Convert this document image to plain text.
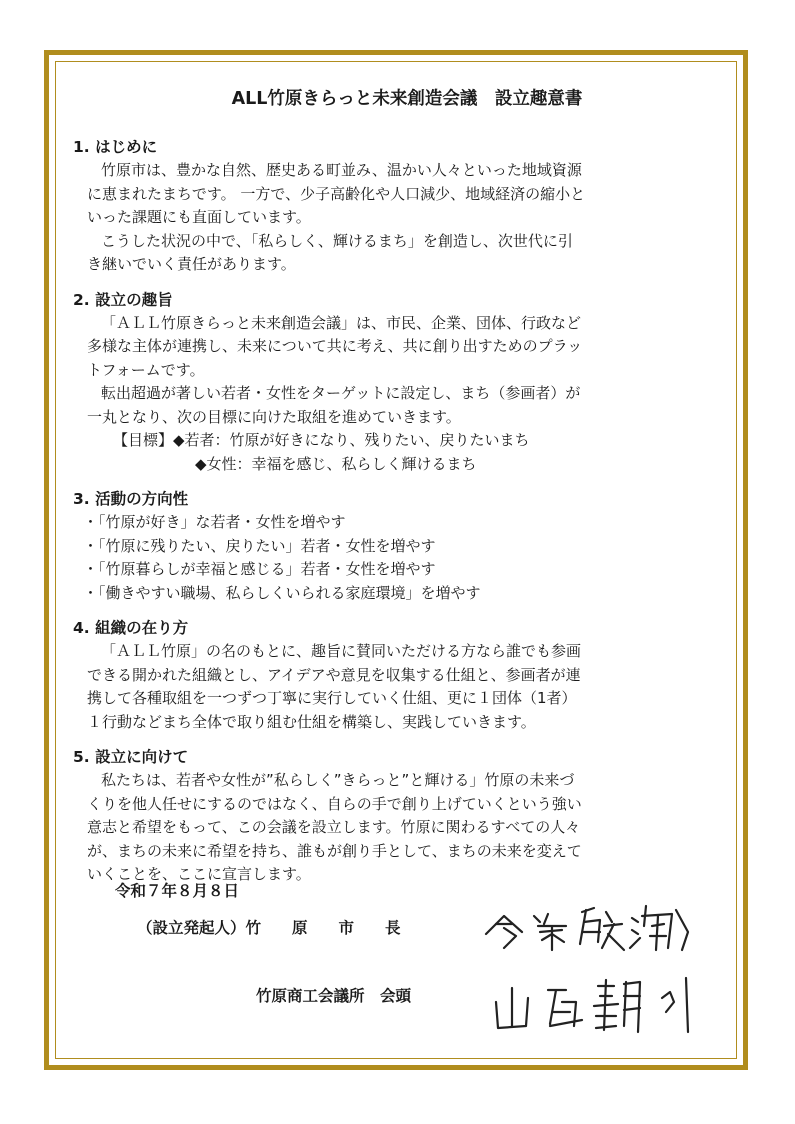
ALL竹原きらっと未来創造会議　設立趣意書
1. はじめに
竹原市は、豊かな自然、歴史ある町並み、温かい人々といった地域資源
に恵まれたまちです。 一方で、少子高齢化や人口減少、地域経済の縮小と
いった課題にも直面しています。
こうした状況の中で、「私らしく、輝けるまち」を創造し、次世代に引
き継いでいく責任があります。
2. 設立の趣旨
「ＡＬＬ竹原きらっと未来創造会議」は、市民、企業、団体、行政など
多様な主体が連携し、未来について共に考え、共に創り出すためのプラッ
トフォームです。
転出超過が著しい若者・女性をターゲットに設定し、まち（参画者）が
一丸となり、次の目標に向けた取組を進めていきます。
【目標】◆若者：竹原が好きになり、残りたい、戻りたいまち
◆女性：幸福を感じ、私らしく輝けるまち
3. 活動の方向性
・「竹原が好き」な若者・女性を増やす
・「竹原に残りたい、戻りたい」若者・女性を増やす
・「竹原暮らしが幸福と感じる」若者・女性を増やす
・「働きやすい職場、私らしくいられる家庭環境」を増やす
4. 組織の在り方
「ＡＬＬ竹原」の名のもとに、趣旨に賛同いただける方なら誰でも参画
できる開かれた組織とし、アイデアや意見を収集する仕組と、参画者が連
携して各種取組を一つずつ丁寧に実行していく仕組、更に１団体（1者）
１行動などまち全体で取り組む仕組を構築し、実践していきます。
5. 設立に向けて
私たちは、若者や女性が”私らしく”きらっと”と輝ける」竹原の未来づ
くりを他人任せにするのではなく、自らの手で創り上げていくという強い
意志と希望をもって、この会議を設立します。竹原に関わるすべての人々
が、まちの未来に希望を持ち、誰もが創り手として、まちの未来を変えて
いくことを、ここに宣言します。
令和７年８月８日
（設立発起人）竹　　原　　市　　長
竹原商工会議所　会頭
